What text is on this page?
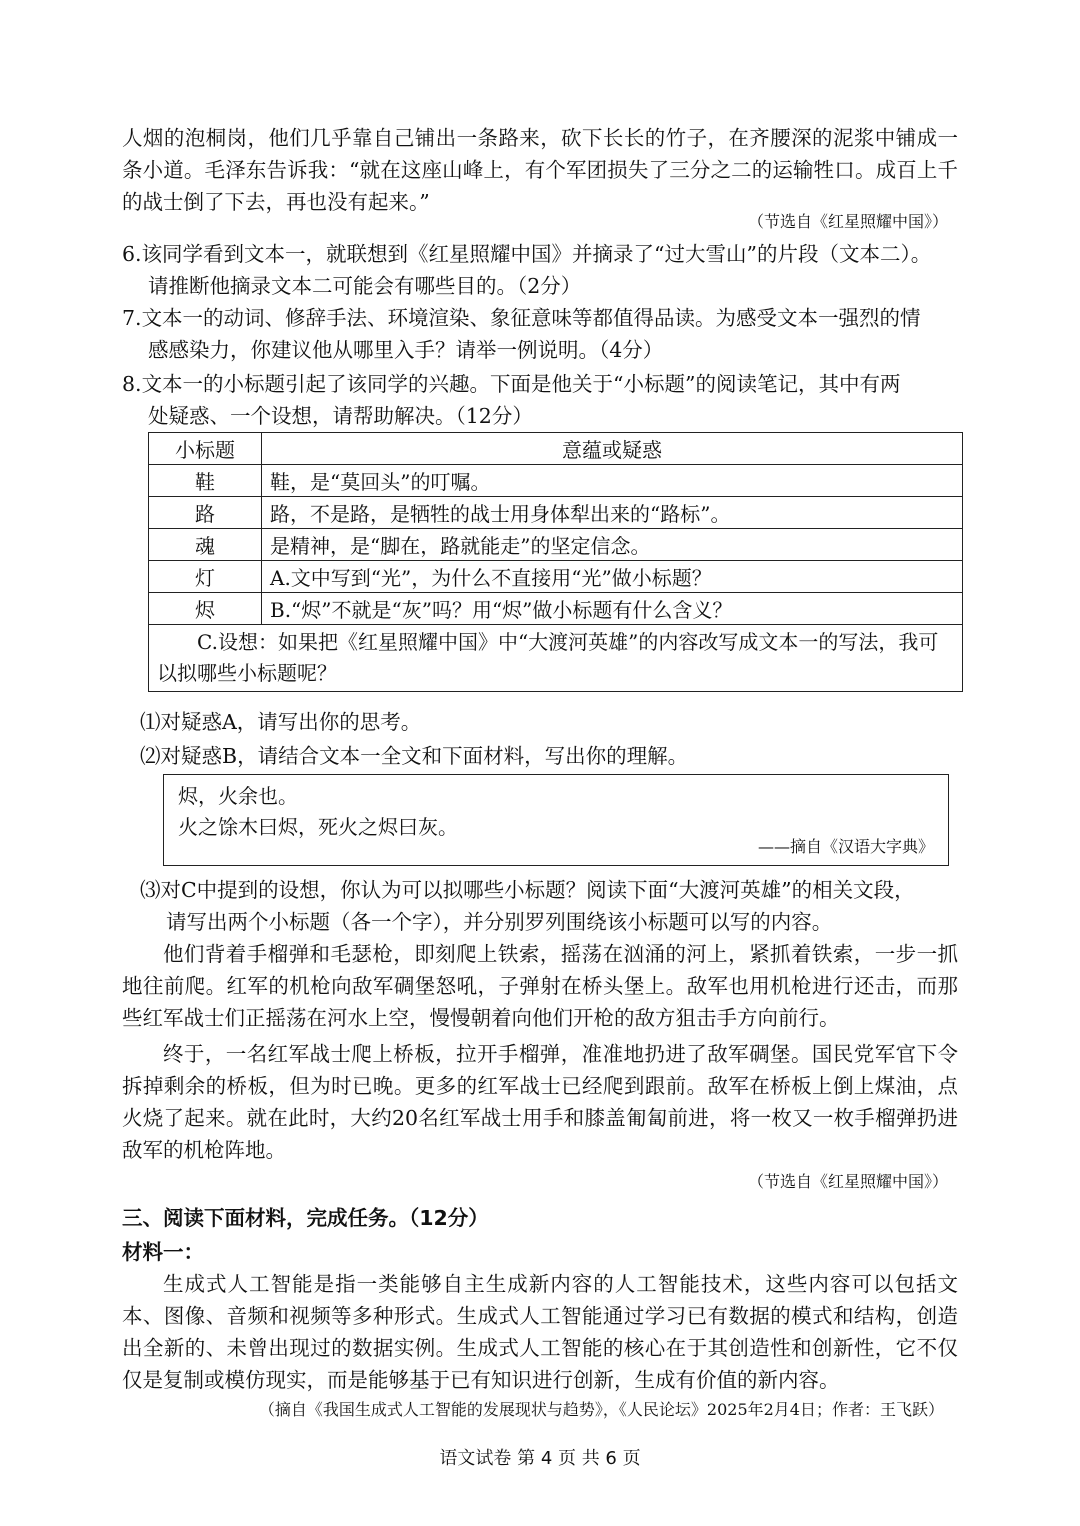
人烟的泡桐岗，他们几乎靠自己铺出一条路来，砍下长长的竹子，在齐腰深的泥浆中铺成一条小道。毛泽东告诉我：“就在这座山峰上，有个军团损失了三分之二的运输牲口。成百上千的战士倒了下去，再也没有起来。”
（节选自《红星照耀中国》）
6.该同学看到文本一，就联想到《红星照耀中国》并摘录了“过大雪山”的片段（文本二）。
请推断他摘录文本二可能会有哪些目的。（2分）
7.文本一的动词、修辞手法、环境渲染、象征意味等都值得品读。为感受文本一强烈的情
感感染力，你建议他从哪里入手？请举一例说明。（4分）
8.文本一的小标题引起了该同学的兴趣。下面是他关于“小标题”的阅读笔记，其中有两
处疑惑、一个设想，请帮助解决。（12分）
小标题	意蕴或疑惑
鞋	鞋，是“莫回头”的叮嘱。
路	路，不是路，是牺牲的战士用身体犁出来的“路标”。
魂	是精神，是“脚在，路就能走”的坚定信念。
灯	A.文中写到“光”，为什么不直接用“光”做小标题？
烬	B.“烬”不就是“灰”吗？用“烬”做小标题有什么含义？
C.设想：如果把《红星照耀中国》中“大渡河英雄”的内容改写成文本一的写法，我可以拟哪些小标题呢？	
⑴对疑惑A，请写出你的思考。
⑵对疑惑B，请结合文本一全文和下面材料，写出你的理解。
烬，火余也。
火之馀木曰烬，死火之烬曰灰。
——摘自《汉语大字典》
⑶对C中提到的设想，你认为可以拟哪些小标题？阅读下面“大渡河英雄”的相关文段，
请写出两个小标题（各一个字），并分别罗列围绕该小标题可以写的内容。
他们背着手榴弹和毛瑟枪，即刻爬上铁索，摇荡在汹涌的河上，紧抓着铁索，一步一抓地往前爬。红军的机枪向敌军碉堡怒吼，子弹射在桥头堡上。敌军也用机枪进行还击，而那些红军战士们正摇荡在河水上空，慢慢朝着向他们开枪的敌方狙击手方向前行。
终于，一名红军战士爬上桥板，拉开手榴弹，准准地扔进了敌军碉堡。国民党军官下令拆掉剩余的桥板，但为时已晚。更多的红军战士已经爬到跟前。敌军在桥板上倒上煤油，点火烧了起来。就在此时，大约20名红军战士用手和膝盖匍匐前进，将一枚又一枚手榴弹扔进敌军的机枪阵地。
（节选自《红星照耀中国》）
三、阅读下面材料，完成任务。（12分）
材料一：
生成式人工智能是指一类能够自主生成新内容的人工智能技术，这些内容可以包括文本、图像、音频和视频等多种形式。生成式人工智能通过学习已有数据的模式和结构，创造出全新的、未曾出现过的数据实例。生成式人工智能的核心在于其创造性和创新性，它不仅仅是复制或模仿现实，而是能够基于已有知识进行创新，生成有价值的新内容。
（摘自《我国生成式人工智能的发展现状与趋势》，《人民论坛》2025年2月4日；作者：王飞跃）
语文试卷 第 4 页 共 6 页
